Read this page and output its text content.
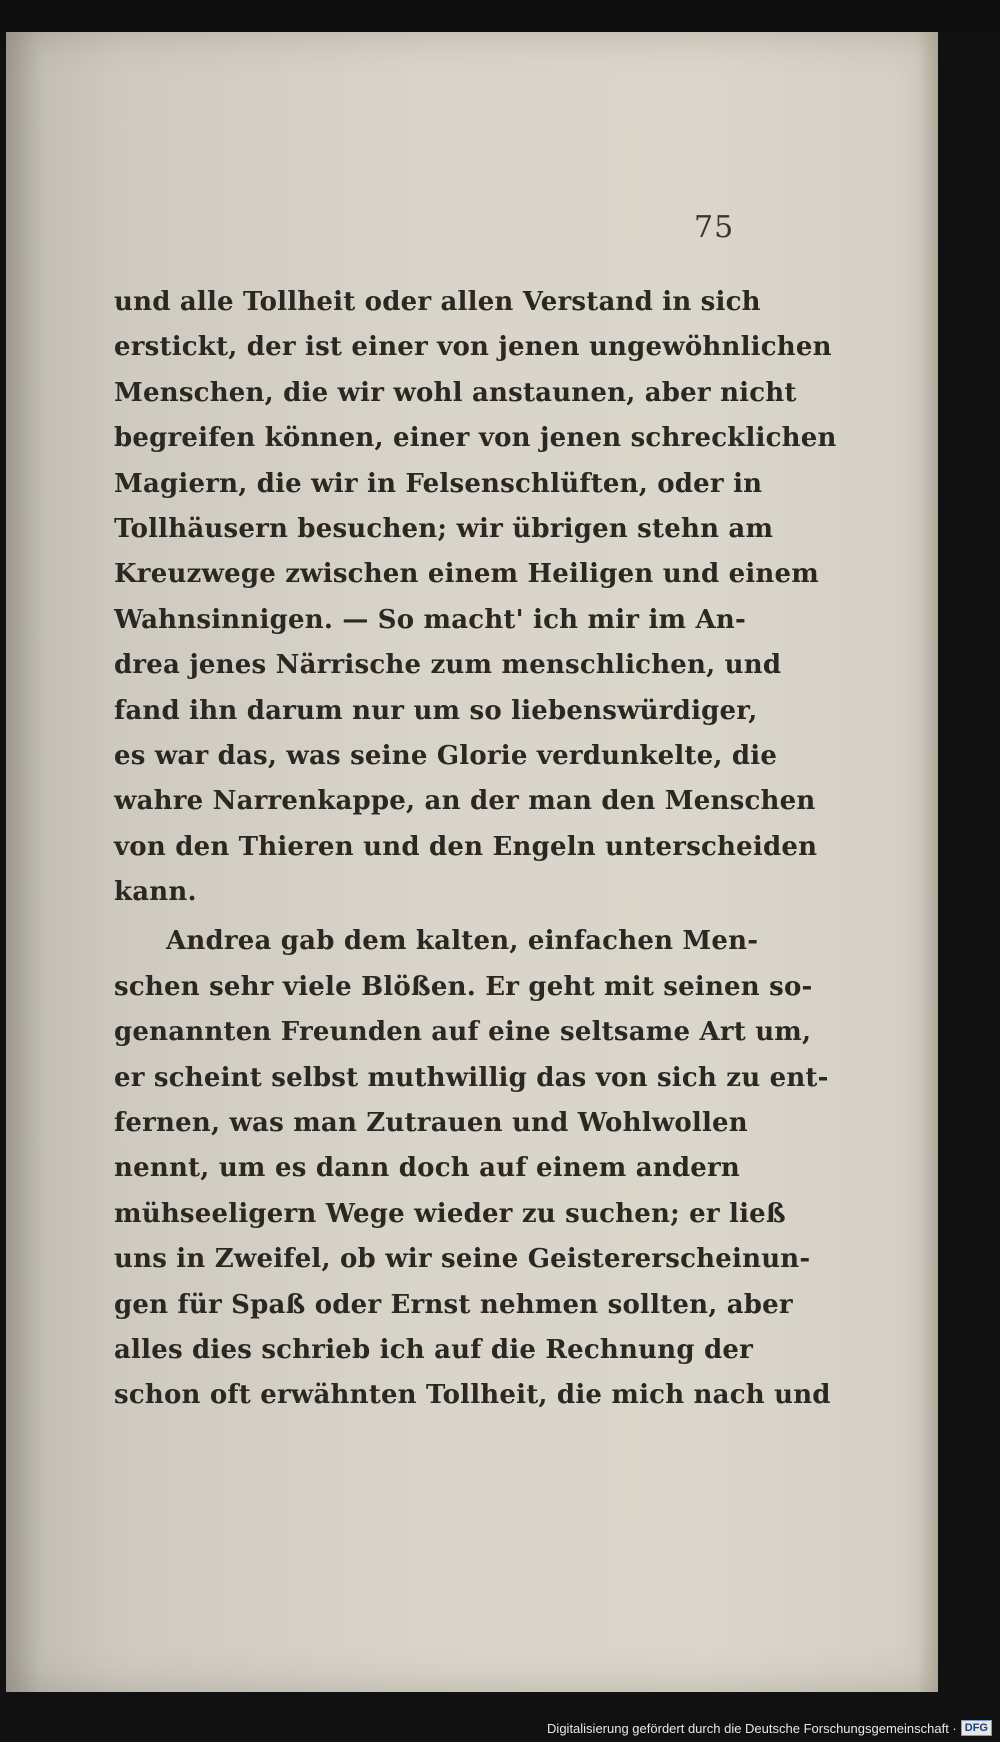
75
und alle Tollheit oder allen Verstand in sich
erstickt, der ist einer von jenen ungewöhnlichen
Menschen, die wir wohl anstaunen, aber nicht
begreifen können, einer von jenen schrecklichen
Magiern, die wir in Felsenschlüften, oder in
Tollhäusern besuchen; wir übrigen stehn am
Kreuzwege zwischen einem Heiligen und einem
Wahnsinnigen. — So macht' ich mir im An-
drea jenes Närrische zum menschlichen, und
fand ihn darum nur um so liebenswürdiger,
es war das, was seine Glorie verdunkelte, die
wahre Narrenkappe, an der man den Menschen
von den Thieren und den Engeln unterscheiden
kann.
Andrea gab dem kalten, einfachen Men-
schen sehr viele Blößen. Er geht mit seinen so-
genannten Freunden auf eine seltsame Art um,
er scheint selbst muthwillig das von sich zu ent-
fernen, was man Zutrauen und Wohlwollen
nennt, um es dann doch auf einem andern
mühseeligern Wege wieder zu suchen; er ließ
uns in Zweifel, ob wir seine Geistererscheinun-
gen für Spaß oder Ernst nehmen sollten, aber
alles dies schrieb ich auf die Rechnung der
schon oft erwähnten Tollheit, die mich nach und
Digitalisierung gefördert durch die Deutsche Forschungsgemeinschaft · DFG
